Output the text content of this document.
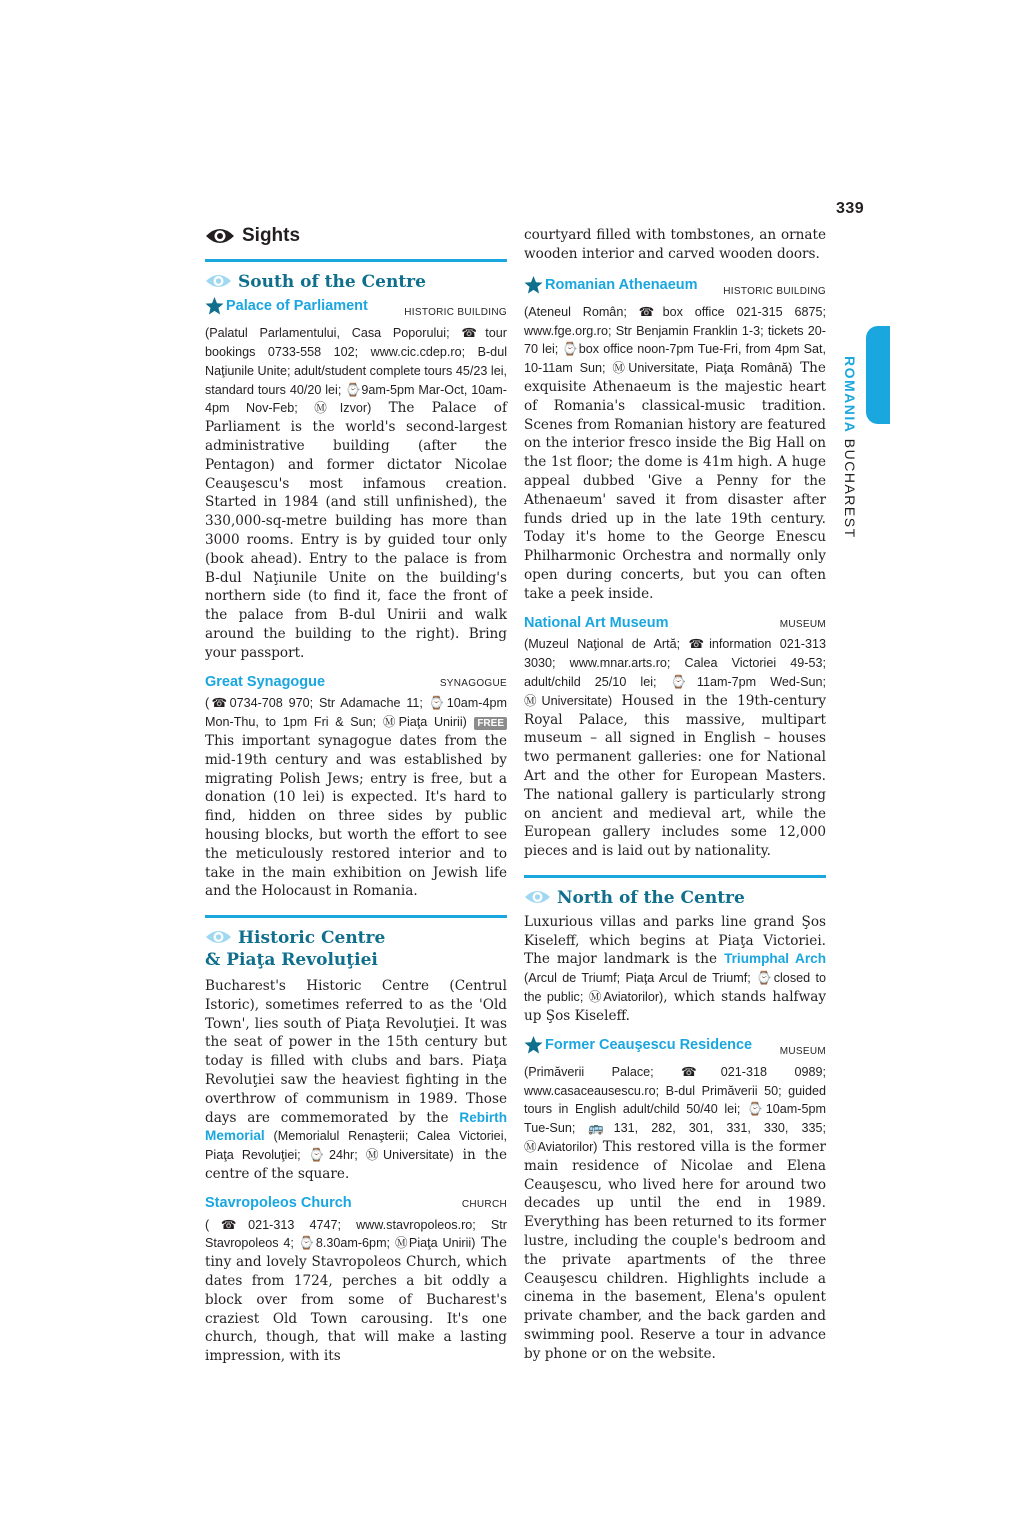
339
ROMANIA BUCHAREST
Sights
South of the Centre
Palace of Parliament	HISTORIC BUILDING

(Palatul Parlamentului, Casa Poporului; ☎tour bookings 0733-558 102; www.cic.cdep.ro; B-dul Naţiunile Unite; adult/student complete tours 45/23 lei, standard tours 40/20 lei; ⌚9am-5pm Mar-Oct, 10am-4pm Nov-Feb; ⓂIzvor) The Palace of Parliament is the world's second-largest administrative building (after the Pentagon) and former dictator Nicolae Ceauşescu's most infamous creation. Started in 1984 (and still unfinished), the 330,000-sq-metre building has more than 3000 rooms. Entry is by guided tour only (book ahead). Entry to the palace is from B-dul Naţiunile Unite on the building's northern side (to find it, face the front of the palace from B-dul Unirii and walk around the building to the right). Bring your passport.

Great Synagogue	SYNAGOGUE

(☎0734-708 970; Str Adamache 11; ⌚10am-4pm Mon-Thu, to 1pm Fri & Sun; ⓂPiaţa Unirii) FREE This important synagogue dates from the mid-19th century and was established by migrating Polish Jews; entry is free, but a donation (10 lei) is expected. It's hard to find, hidden on three sides by public housing blocks, but worth the effort to see the meticulously restored interior and to take in the main exhibition on Jewish life and the Holocaust in Romania.

Historic Centre
& Piaţa Revoluţiei

Bucharest's Historic Centre (Centrul Istoric), sometimes referred to as the 'Old Town', lies south of Piaţa Revoluţiei. It was the seat of power in the 15th century but today is filled with clubs and bars. Piaţa Revoluţiei saw the heaviest fighting in the overthrow of communism in 1989. Those days are commemorated by the Rebirth Memorial (Memorialul Renaşterii; Calea Victoriei, Piaţa Revoluţiei; ⌚24hr; ⓂUniversitate) in the centre of the square.

Stavropoleos Church	CHURCH

(☎021-313 4747; www.stavropoleos.ro; Str Stavropoleos 4; ⌚8.30am-6pm; ⓂPiaţa Unirii) The tiny and lovely Stavropoleos Church, which dates from 1724, perches a bit oddly a block over from some of Bucharest's craziest Old Town carousing. It's one church, though, that will make a lasting impression, with its

courtyard filled with tombstones, an ornate wooden interior and carved wooden doors.

Romanian Athenaeum	HISTORIC BUILDING

(Ateneul Român; ☎box office 021-315 6875; www.fge.org.ro; Str Benjamin Franklin 1-3; tickets 20-70 lei; ⌚box office noon-7pm Tue-Fri, from 4pm Sat, 10-11am Sun; ⓂUniversitate, Piaţa Română) The exquisite Athenaeum is the majestic heart of Romania's classical-music tradition. Scenes from Romanian history are featured on the interior fresco inside the Big Hall on the 1st floor; the dome is 41m high. A huge appeal dubbed 'Give a Penny for the Athenaeum' saved it from disaster after funds dried up in the late 19th century. Today it's home to the George Enescu Philharmonic Orchestra and normally only open during concerts, but you can often take a peek inside.

National Art Museum	MUSEUM

(Muzeul Naţional de Artă; ☎information 021-313 3030; www.mnar.arts.ro; Calea Victoriei 49-53; adult/child 25/10 lei; ⌚11am-7pm Wed-Sun; ⓂUniversitate) Housed in the 19th-century Royal Palace, this massive, multipart museum – all signed in English – houses two permanent galleries: one for National Art and the other for European Masters. The national gallery is particularly strong on ancient and medieval art, while the European gallery includes some 12,000 pieces and is laid out by nationality.

North of the Centre

Luxurious villas and parks line grand Şos Kiseleff, which begins at Piaţa Victoriei. The major landmark is the Triumphal Arch (Arcul de Triumf; Piaţa Arcul de Triumf; ⌚closed to the public; ⓂAviatorilor), which stands halfway up Şos Kiseleff.

Former Ceauşescu Residence	MUSEUM

(Primăverii Palace; ☎021-318 0989; www.casaceausescu.ro; B-dul Primăverii 50; guided tours in English adult/child 50/40 lei; ⌚10am-5pm Tue-Sun; 🚌131, 282, 301, 331, 330, 335; ⓂAviatorilor) This restored villa is the former main residence of Nicolae and Elena Ceauşescu, who lived here for around two decades up until the end in 1989. Everything has been returned to its former lustre, including the couple's bedroom and the private apartments of the three Ceauşescu children. Highlights include a cinema in the basement, Elena's opulent private chamber, and the back garden and swimming pool. Reserve a tour in advance by phone or on the website.
